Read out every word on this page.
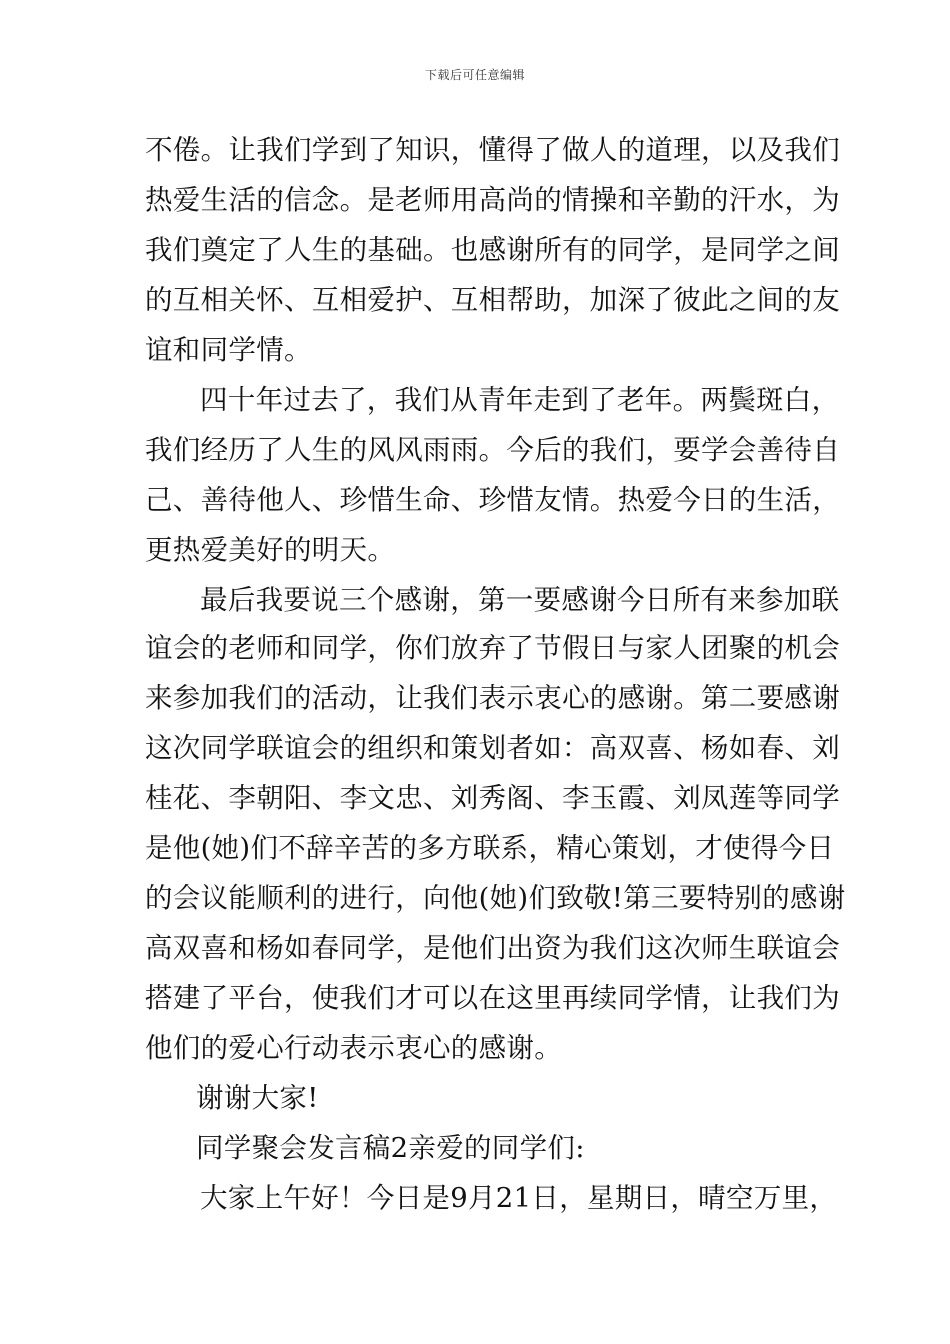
下载后可任意编辑
不倦。让我们学到了知识，懂得了做人的道理，以及我们
热爱生活的信念。是老师用高尚的情操和辛勤的汗水，为
我们奠定了人生的基础。也感谢所有的同学，是同学之间
的互相关怀、互相爱护、互相帮助，加深了彼此之间的友
谊和同学情。
四十年过去了，我们从青年走到了老年。两鬓斑白，
我们经历了人生的风风雨雨。今后的我们，要学会善待自
己、善待他人、珍惜生命、珍惜友情。热爱今日的生活，
更热爱美好的明天。
最后我要说三个感谢，第一要感谢今日所有来参加联
谊会的老师和同学，你们放弃了节假日与家人团聚的机会
来参加我们的活动，让我们表示衷心的感谢。第二要感谢
这次同学联谊会的组织和策划者如：高双喜、杨如春、刘
桂花、李朝阳、李文忠、刘秀阁、李玉霞、刘凤莲等同学
是他(她)们不辞辛苦的多方联系，精心策划，才使得今日
的会议能顺利的进行，向他(她)们致敬!第三要特别的感谢
高双喜和杨如春同学，是他们出资为我们这次师生联谊会
搭建了平台，使我们才可以在这里再续同学情，让我们为
他们的爱心行动表示衷心的感谢。
谢谢大家!
同学聚会发言稿2亲爱的同学们:
大家上午好！今日是9月21日，星期日，晴空万里，
